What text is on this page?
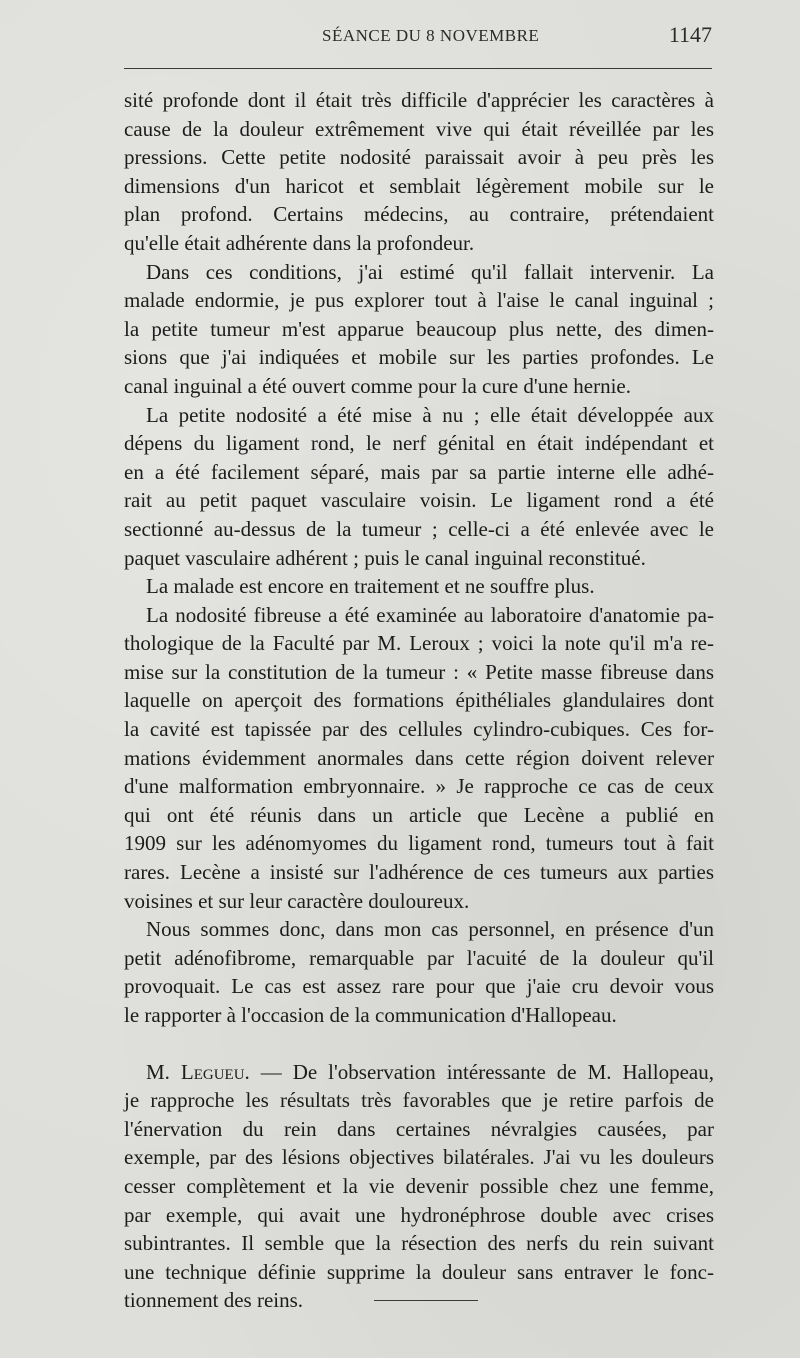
SÉANCE DU 8 NOVEMBRE	1147
sité profonde dont il était très difficile d'apprécier les caractères à
cause de la douleur extrêmement vive qui était réveillée par les
pressions. Cette petite nodosité paraissait avoir à peu près les
dimensions d'un haricot et semblait légèrement mobile sur le
plan profond. Certains médecins, au contraire, prétendaient
qu'elle était adhérente dans la profondeur.
Dans ces conditions, j'ai estimé qu'il fallait intervenir. La
malade endormie, je pus explorer tout à l'aise le canal inguinal ;
la petite tumeur m'est apparue beaucoup plus nette, des dimen-
sions que j'ai indiquées et mobile sur les parties profondes. Le
canal inguinal a été ouvert comme pour la cure d'une hernie.
La petite nodosité a été mise à nu ; elle était développée aux
dépens du ligament rond, le nerf génital en était indépendant et
en a été facilement séparé, mais par sa partie interne elle adhé-
rait au petit paquet vasculaire voisin. Le ligament rond a été
sectionné au-dessus de la tumeur ; celle-ci a été enlevée avec le
paquet vasculaire adhérent ; puis le canal inguinal reconstitué.
La malade est encore en traitement et ne souffre plus.
La nodosité fibreuse a été examinée au laboratoire d'anatomie pa-
thologique de la Faculté par M. Leroux ; voici la note qu'il m'a re-
mise sur la constitution de la tumeur : « Petite masse fibreuse dans
laquelle on aperçoit des formations épithéliales glandulaires dont
la cavité est tapissée par des cellules cylindro-cubiques. Ces for-
mations évidemment anormales dans cette région doivent relever
d'une malformation embryonnaire. » Je rapproche ce cas de ceux
qui ont été réunis dans un article que Lecène a publié en
1909 sur les adénomyomes du ligament rond, tumeurs tout à fait
rares. Lecène a insisté sur l'adhérence de ces tumeurs aux parties
voisines et sur leur caractère douloureux.
Nous sommes donc, dans mon cas personnel, en présence d'un
petit adénofibrome, remarquable par l'acuité de la douleur qu'il
provoquait. Le cas est assez rare pour que j'aie cru devoir vous
le rapporter à l'occasion de la communication d'Hallopeau.
M. Legueu. — De l'observation intéressante de M. Hallopeau,
je rapproche les résultats très favorables que je retire parfois de
l'énervation du rein dans certaines névralgies causées, par
exemple, par des lésions objectives bilatérales. J'ai vu les douleurs
cesser complètement et la vie devenir possible chez une femme,
par exemple, qui avait une hydronéphrose double avec crises
subintrantes. Il semble que la résection des nerfs du rein suivant
une technique définie supprime la douleur sans entraver le fonc-
tionnement des reins.
